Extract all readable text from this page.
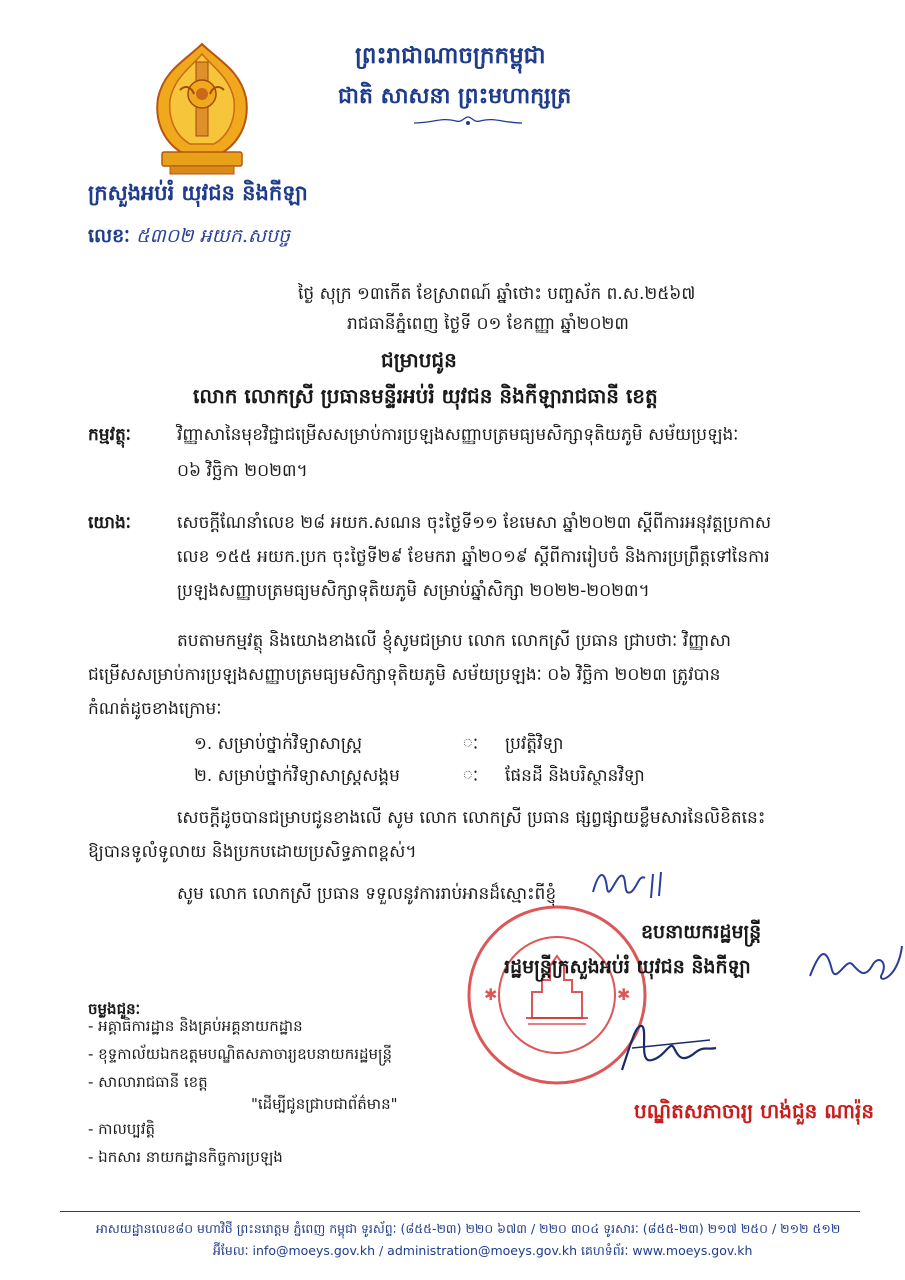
ព្រះរាជាណាចក្រកម្ពុជា
ជាតិ សាសនា ព្រះមហាក្សត្រ
ក្រសួងអប់រំ យុវជន និងកីឡា
លេខៈ ៥៣០២ អយក.សបច្ច
ថ្ងៃ សុក្រ ១៣កើត ខែស្រាពណ៍ ឆ្នាំថោះ បញ្ចស័ក ព.ស.២៥៦៧
រាជធានីភ្នំពេញ ថ្ងៃទី ០១ ខែកញ្ញា ឆ្នាំ២០២៣
ជម្រាបជូន
លោក លោកស្រី ប្រធានមន្ទីរអប់រំ យុវជន និងកីឡារាជធានី ខេត្ត
កម្មវត្ថុៈ	វិញ្ញាសានៃមុខវិជ្ជាជម្រើសសម្រាប់ការប្រឡងសញ្ញាបត្រមធ្យមសិក្សាទុតិយភូមិ សម័យប្រឡងៈ
០៦ វិច្ឆិកា ២០២៣។
យោងៈ	សេចក្ដីណែនាំលេខ ២៨ អយក.សណន ចុះថ្ងៃទី១១ ខែមេសា ឆ្នាំ២០២៣ ស្ដីពីការអនុវត្តប្រកាស
លេខ ១៥៥ អយក.ប្រក ចុះថ្ងៃទី២៩ ខែមករា ឆ្នាំ២០១៩ ស្ដីពីការរៀបចំ និងការប្រព្រឹត្តទៅនៃការ
ប្រឡងសញ្ញាបត្រមធ្យមសិក្សាទុតិយភូមិ សម្រាប់ឆ្នាំសិក្សា ២០២២-២០២៣។
តបតាមកម្មវត្ថុ និងយោងខាងលើ ខ្ញុំសូមជម្រាប លោក លោកស្រី ប្រធាន ជ្រាបថាៈ វិញ្ញាសា
ជម្រើសសម្រាប់ការប្រឡងសញ្ញាបត្រមធ្យមសិក្សាទុតិយភូមិ សម័យប្រឡងៈ ០៦ វិច្ឆិកា ២០២៣ ត្រូវបាន
កំណត់ដូចខាងក្រោមៈ
១. សម្រាប់ថ្នាក់វិទ្យាសាស្ត្រ	ៈ ប្រវត្តិវិទ្យា
២. សម្រាប់ថ្នាក់វិទ្យាសាស្ត្រសង្គម	ៈ ផែនដី និងបរិស្ថានវិទ្យា
សេចក្ដីដូចបានជម្រាបជូនខាងលើ សូម លោក លោកស្រី ប្រធាន ផ្សព្វផ្សាយខ្លឹមសារនៃលិខិតនេះ
ឱ្យបានទូលំទូលាយ និងប្រកបដោយប្រសិទ្ធភាពខ្ពស់។
សូម លោក លោកស្រី ប្រធាន ទទួលនូវការរាប់អានដ៏ស្មោះពីខ្ញុំ
✱	✱
ឧបនាយករដ្ឋមន្ត្រី
រដ្ឋមន្ត្រីក្រសួងអប់រំ យុវជន និងកីឡា
បណ្ឌិតសភាចារ្យ ហង់ជួន ណារ៉ុន
ចម្លងជូនៈ
- អគ្គាធិការដ្ឋាន និងគ្រប់អគ្គនាយកដ្ឋាន
- ខុទ្ទកាល័យឯកឧត្តមបណ្ឌិតសភាចារ្យឧបនាយករដ្ឋមន្ត្រី
- សាលារាជធានី ខេត្ត
"ដើម្បីជូនជ្រាបជាព័ត៌មាន"
- កាលប្បវត្តិ
- ឯកសារ នាយកដ្ឋានកិច្ចការប្រឡង
អាសយដ្ឋានលេខ៨០ មហាវិថី ព្រះនរោត្តម ភ្នំពេញ កម្ពុជា ទូរស័ព្ទៈ (៨៥៥-២៣) ២២០ ៦៧៣ / ២២០ ៣០៤ ទូរសារៈ (៨៥៥-២៣) ២១៧ ២៥០ / ២១២ ៥១២
អ៊ីមែលៈ info@moeys.gov.kh / administration@moeys.gov.kh គេហទំព័រៈ www.moeys.gov.kh
